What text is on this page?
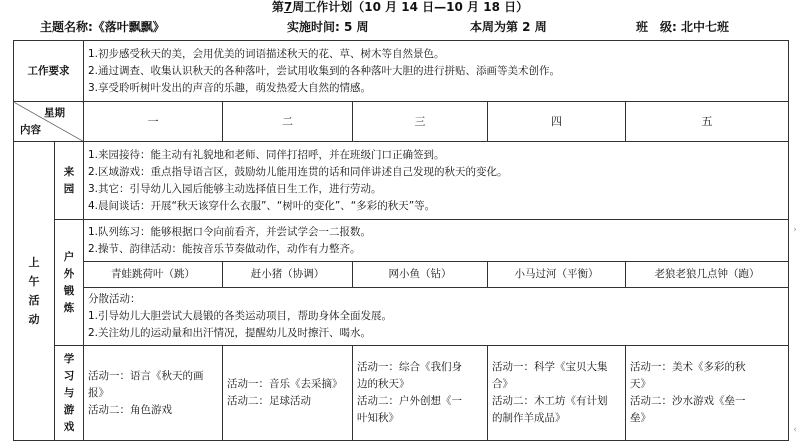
第7周工作计划（10 月 14 日—10 月 18 日）
主题名称:《落叶飘飘》	实施时间: 5 周	本周为第 2 周	班　级: 北中七班
工作要求		1.初步感受秋天的美，会用优美的词语描述秋天的花、草、树木等自然景色。
2.通过调查、收集认识秋天的各种落叶，尝试用收集到的各种落叶大胆的进行拼贴、添画等美术创作。
3.享受聆听树叶发出的声音的乐趣，萌发热爱大自然的情感。				

星期
内容		一	二	三	四	五

上
午
活
动	来园	1.来园接待：能主动有礼貌地和老师、同伴打招呼，并在班级门口正确签到。
2.区域游戏：重点指导语言区，鼓励幼儿能用连贯的话和同伴讲述自己发现的秋天的变化。
3.其它：引导幼儿入园后能够主动选择值日生工作，进行劳动。
4.晨间谈话：开展“秋天该穿什么衣服”、“树叶的变化”、“多彩的秋天”等。				

	户外
锻炼	1.队列练习：能够根据口令向前看齐，并尝试学会一二报数。
2.操节、韵律活动：能按音乐节奏做动作，动作有力整齐。				

		青蛙跳荷叶（跳）	赶小猪（协调）	网小鱼（钻）	小马过河（平衡）	老狼老狼几点钟（跑）

		分散活动：
1.引导幼儿大胆尝试大晨锻的各类运动项目，帮助身体全面发展。
2.关注幼儿的运动量和出汗情况，提醒幼儿及时擦汗、喝水。				

	学习
与游
戏	活动一：语言《秋天的画
报》
活动二：角色游戏	活动一：音乐《去采摘》
活动二：足球活动	活动一：综合《我们身
边的秋天》
活动二：户外创想《一
叶知秋》	活动一：科学《宝贝大集
合》
活动二：木工坊《有计划
的制作羊成品》	活动一：美术《多彩的秋
天》
活动二：沙水游戏《垒一
垒》
›
‹
